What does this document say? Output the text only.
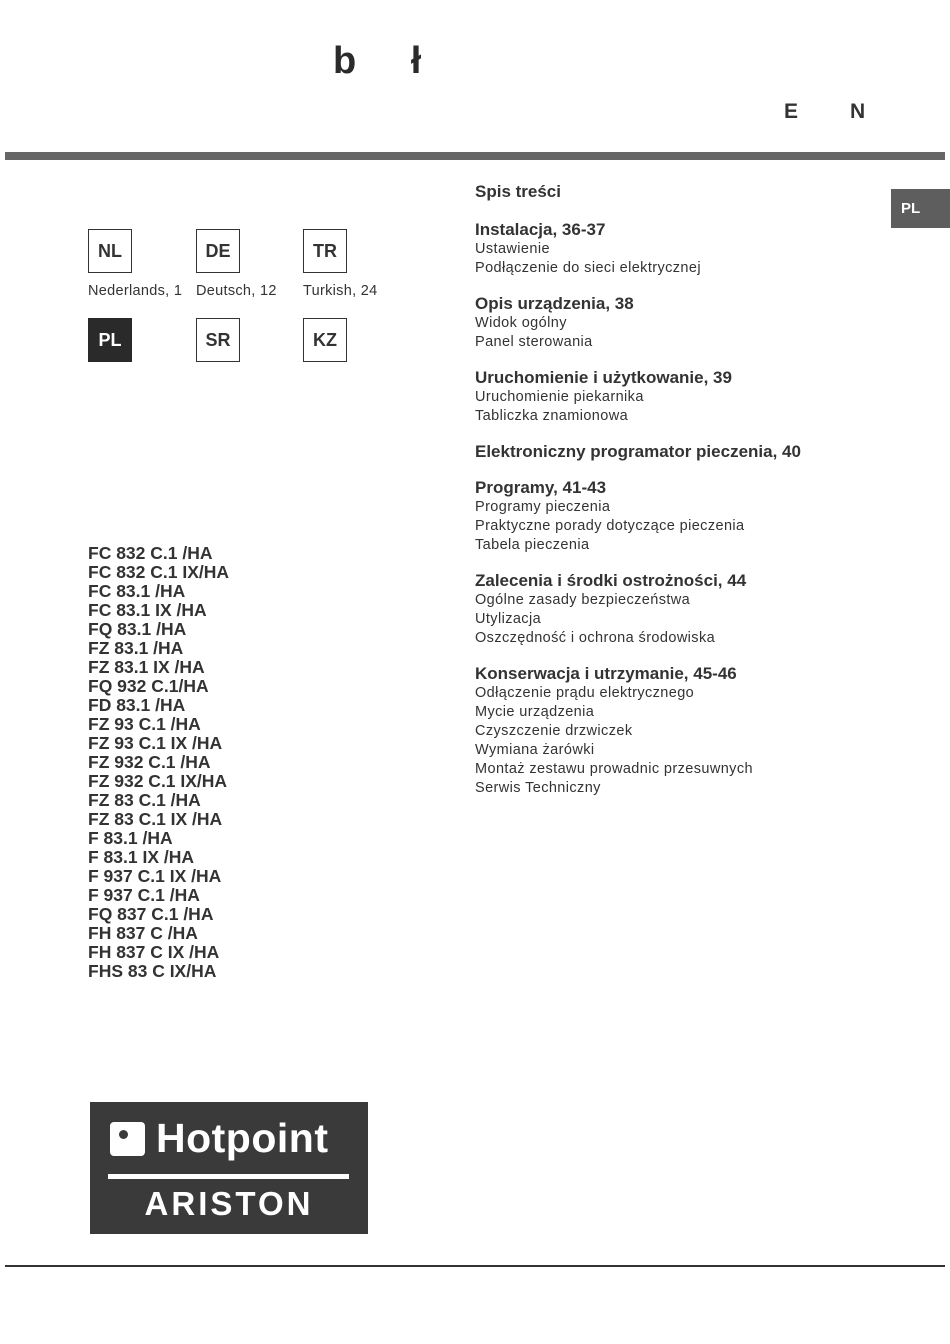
b ł
E N
PL
NL	DE	TR
Nederlands, 1 Deutsch, 12 Turkish, 24
PL	SR	KZ
FC 832 C.1 /HA
FC 832 C.1 IX/HA
FC 83.1 /HA
FC 83.1 IX /HA
FQ 83.1 /HA
FZ 83.1 /HA
FZ 83.1 IX /HA
FQ 932 C.1/HA
FD 83.1 /HA
FZ 93 C.1 /HA
FZ 93 C.1 IX /HA
FZ 932 C.1 /HA
FZ 932 C.1 IX/HA
FZ 83 C.1 /HA
FZ 83 C.1 IX /HA
F 83.1 /HA
F 83.1 IX /HA
F 937 C.1 IX /HA
F 937 C.1 /HA
FQ 837 C.1 /HA
FH 837 C /HA
FH 837 C IX /HA
FHS 83 C IX/HA
Spis treści
Instalacja, 36-37
Ustawienie
Podłączenie do sieci elektrycznej
Opis urządzenia, 38
Widok ogólny
Panel sterowania
Uruchomienie i użytkowanie, 39
Uruchomienie piekarnika
Tabliczka znamionowa
Elektroniczny programator pieczenia, 40
Programy, 41-43
Programy pieczenia
Praktyczne porady dotyczące pieczenia
Tabela pieczenia
Zalecenia i środki ostrożności, 44
Ogólne zasady bezpieczeństwa
Utylizacja
Oszczędność i ochrona środowiska
Konserwacja i utrzymanie, 45-46
Odłączenie prądu elektrycznego
Mycie urządzenia
Czyszczenie drzwiczek
Wymiana żarówki
Montaż zestawu prowadnic przesuwnych
Serwis Techniczny
Hotpoint
ARISTON
